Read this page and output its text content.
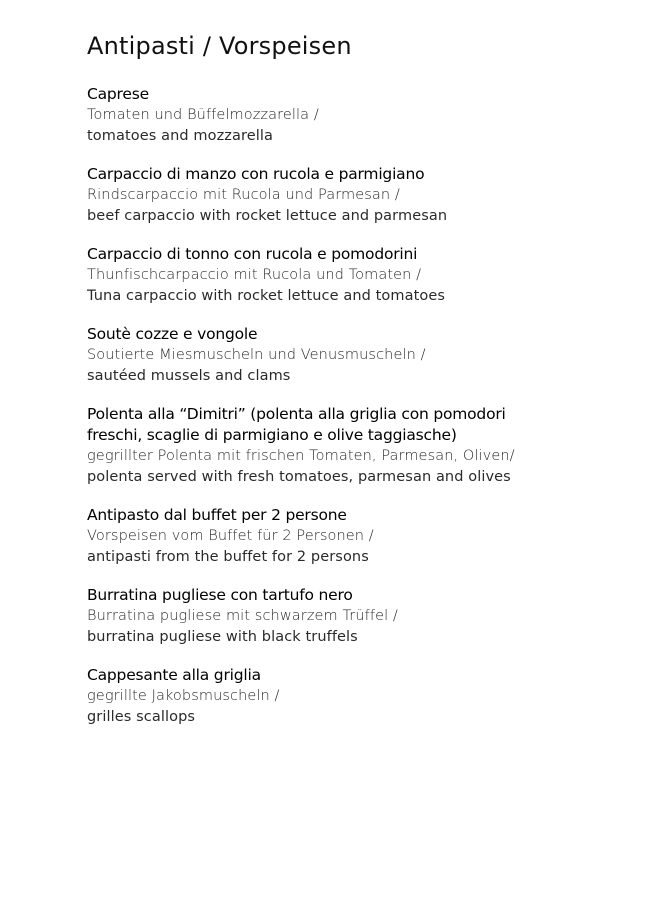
Antipasti / Vorspeisen
Caprese
Tomaten und Büffelmozzarella /
tomatoes and mozzarella
Carpaccio di manzo con rucola e parmigiano
Rindscarpaccio mit Rucola und Parmesan /
beef carpaccio with rocket lettuce and parmesan
Carpaccio di tonno con rucola e pomodorini
Thunfischcarpaccio mit Rucola und Tomaten /
Tuna carpaccio with rocket lettuce and tomatoes
Soutè cozze e vongole
Soutierte Miesmuscheln und Venusmuscheln /
sautéed mussels and clams
Polenta alla “Dimitri” (polenta alla griglia con pomodori
freschi, scaglie di parmigiano e olive taggiasche)
gegrillter Polenta mit frischen Tomaten, Parmesan, Oliven/
polenta served with fresh tomatoes, parmesan and olives
Antipasto dal buffet per 2 persone
Vorspeisen vom Buffet für 2 Personen /
antipasti from the buffet for 2 persons
Burratina pugliese con tartufo nero
Burratina pugliese mit schwarzem Trüffel /
burratina pugliese with black truffels
Cappesante alla griglia
gegrillte Jakobsmuscheln /
grilles scallops
